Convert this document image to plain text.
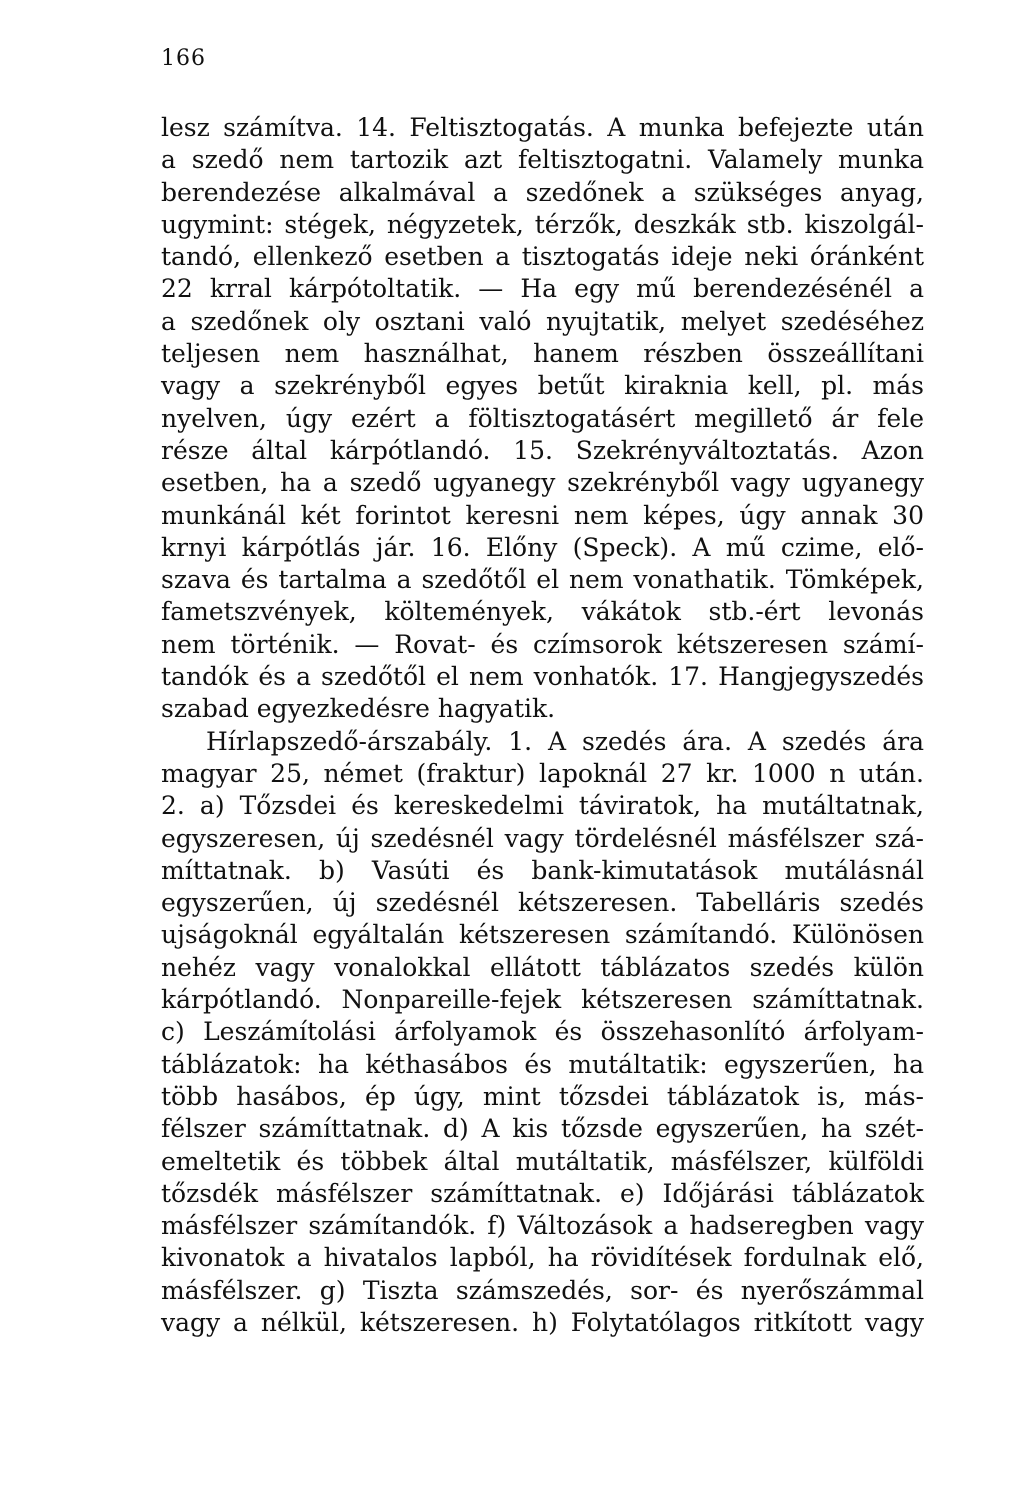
166
lesz számítva. 14. Feltisztogatás. A munka befejezte után
a szedő nem tartozik azt feltisztogatni. Valamely munka
berendezése alkalmával a szedőnek a szükséges anyag,
ugymint: stégek, négyzetek, térzők, deszkák stb. kiszolgál-
tandó, ellenkező esetben a tisztogatás ideje neki óránként
22 krral kárpótoltatik. — Ha egy mű berendezésénél a
a szedőnek oly osztani való nyujtatik, melyet szedéséhez
teljesen nem használhat, hanem részben összeállítani
vagy a szekrényből egyes betűt kiraknia kell, pl. más
nyelven, úgy ezért a föltisztogatásért megillető ár fele
része által kárpótlandó. 15. Szekrényváltoztatás. Azon
esetben, ha a szedő ugyanegy szekrényből vagy ugyanegy
munkánál két forintot keresni nem képes, úgy annak 30
krnyi kárpótlás jár. 16. Előny (Speck). A mű czime, elő-
szava és tartalma a szedőtől el nem vonathatik. Tömképek,
fametszvények, költemények, vákátok stb.-ért levonás
nem történik. — Rovat- és czímsorok kétszeresen számí-
tandók és a szedőtől el nem vonhatók. 17. Hangjegyszedés
szabad egyezkedésre hagyatik.
Hírlapszedő-árszabály. 1. A szedés ára. A szedés ára
magyar 25, német (fraktur) lapoknál 27 kr. 1000 n után.
2. a) Tőzsdei és kereskedelmi táviratok, ha mutáltatnak,
egyszeresen, új szedésnél vagy tördelésnél másfélszer szá-
míttatnak. b) Vasúti és bank-kimutatások mutálásnál
egyszerűen, új szedésnél kétszeresen. Tabelláris szedés
ujságoknál egyáltalán kétszeresen számítandó. Különösen
nehéz vagy vonalokkal ellátott táblázatos szedés külön
kárpótlandó. Nonpareille-fejek kétszeresen számíttatnak.
c) Leszámítolási árfolyamok és összehasonlító árfolyam-
táblázatok: ha kéthasábos és mutáltatik: egyszerűen, ha
több hasábos, ép úgy, mint tőzsdei táblázatok is, más-
félszer számíttatnak. d) A kis tőzsde egyszerűen, ha szét-
emeltetik és többek által mutáltatik, másfélszer, külföldi
tőzsdék másfélszer számíttatnak. e) Időjárási táblázatok
másfélszer számítandók. f) Változások a hadseregben vagy
kivonatok a hivatalos lapból, ha rövidítések fordulnak elő,
másfélszer. g) Tiszta számszedés, sor- és nyerőszámmal
vagy a nélkül, kétszeresen. h) Folytatólagos ritkított vagy
